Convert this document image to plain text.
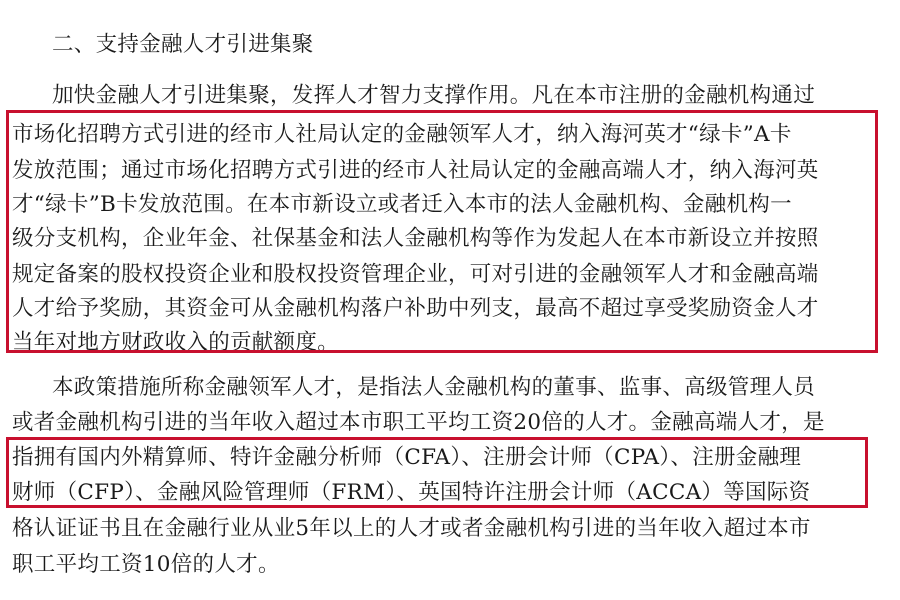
二、支持金融人才引进集聚
加快金融人才引进集聚，发挥人才智力支撑作用。凡在本市注册的金融机构通过
市场化招聘方式引进的经市人社局认定的金融领军人才，纳入海河英才“绿卡”A卡
发放范围；通过市场化招聘方式引进的经市人社局认定的金融高端人才，纳入海河英
才“绿卡”B卡发放范围。在本市新设立或者迁入本市的法人金融机构、金融机构一
级分支机构，企业年金、社保基金和法人金融机构等作为发起人在本市新设立并按照
规定备案的股权投资企业和股权投资管理企业，可对引进的金融领军人才和金融高端
人才给予奖励，其资金可从金融机构落户补助中列支，最高不超过享受奖励资金人才
当年对地方财政收入的贡献额度。
本政策措施所称金融领军人才，是指法人金融机构的董事、监事、高级管理人员
或者金融机构引进的当年收入超过本市职工平均工资20倍的人才。金融高端人才，是
指拥有国内外精算师、特许金融分析师（CFA）、注册会计师（CPA）、注册金融理
财师（CFP）、金融风险管理师（FRM）、英国特许注册会计师（ACCA）等国际资
格认证证书且在金融行业从业5年以上的人才或者金融机构引进的当年收入超过本市
职工平均工资10倍的人才。
